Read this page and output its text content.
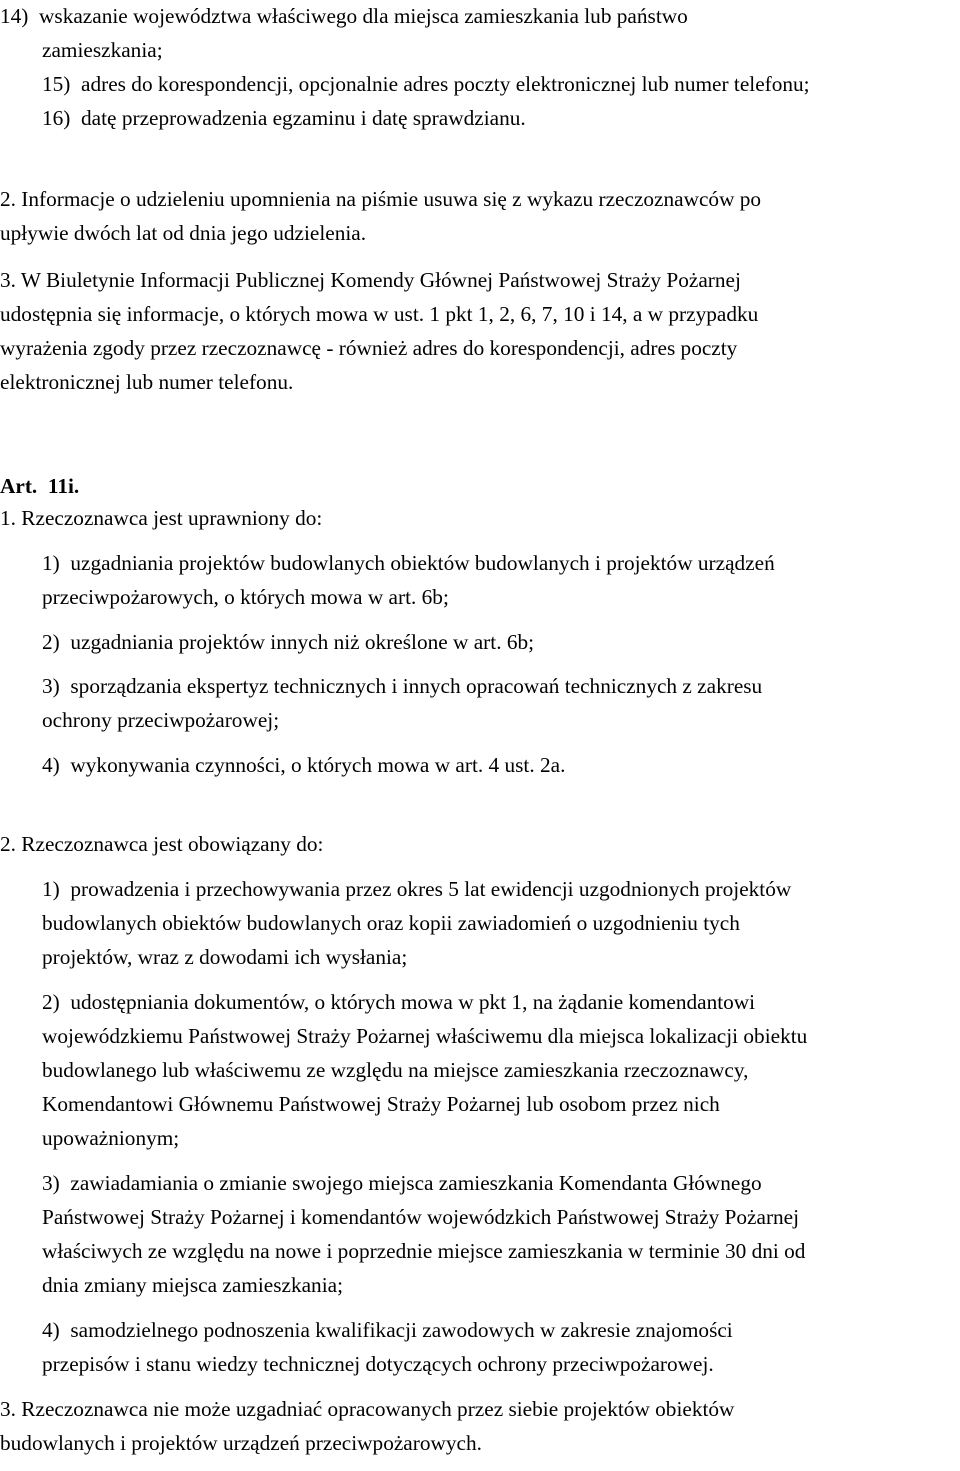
14)  wskazanie województwa właściwego dla miejsca zamieszkania lub państwo
zamieszkania;
15)  adres do korespondencji, opcjonalnie adres poczty elektronicznej lub numer telefonu;
16)  datę przeprowadzenia egzaminu i datę sprawdzianu.
2. Informacje o udzieleniu upomnienia na piśmie usuwa się z wykazu rzeczoznawców po
upływie dwóch lat od dnia jego udzielenia.
3. W Biuletynie Informacji Publicznej Komendy Głównej Państwowej Straży Pożarnej
udostępnia się informacje, o których mowa w ust. 1 pkt 1, 2, 6, 7, 10 i 14, a w przypadku
wyrażenia zgody przez rzeczoznawcę - również adres do korespondencji, adres poczty
elektronicznej lub numer telefonu.
Art.  11i.
1. Rzeczoznawca jest uprawniony do:
1)  uzgadniania projektów budowlanych obiektów budowlanych i projektów urządzeń
przeciwpożarowych, o których mowa w art. 6b;
2)  uzgadniania projektów innych niż określone w art. 6b;
3)  sporządzania ekspertyz technicznych i innych opracowań technicznych z zakresu
ochrony przeciwpożarowej;
4)  wykonywania czynności, o których mowa w art. 4 ust. 2a.
2. Rzeczoznawca jest obowiązany do:
1)  prowadzenia i przechowywania przez okres 5 lat ewidencji uzgodnionych projektów
budowlanych obiektów budowlanych oraz kopii zawiadomień o uzgodnieniu tych
projektów, wraz z dowodami ich wysłania;
2)  udostępniania dokumentów, o których mowa w pkt 1, na żądanie komendantowi
wojewódzkiemu Państwowej Straży Pożarnej właściwemu dla miejsca lokalizacji obiektu
budowlanego lub właściwemu ze względu na miejsce zamieszkania rzeczoznawcy,
Komendantowi Głównemu Państwowej Straży Pożarnej lub osobom przez nich
upoważnionym;
3)  zawiadamiania o zmianie swojego miejsca zamieszkania Komendanta Głównego
Państwowej Straży Pożarnej i komendantów wojewódzkich Państwowej Straży Pożarnej
właściwych ze względu na nowe i poprzednie miejsce zamieszkania w terminie 30 dni od
dnia zmiany miejsca zamieszkania;
4)  samodzielnego podnoszenia kwalifikacji zawodowych w zakresie znajomości
przepisów i stanu wiedzy technicznej dotyczących ochrony przeciwpożarowej.
3. Rzeczoznawca nie może uzgadniać opracowanych przez siebie projektów obiektów
budowlanych i projektów urządzeń przeciwpożarowych.
